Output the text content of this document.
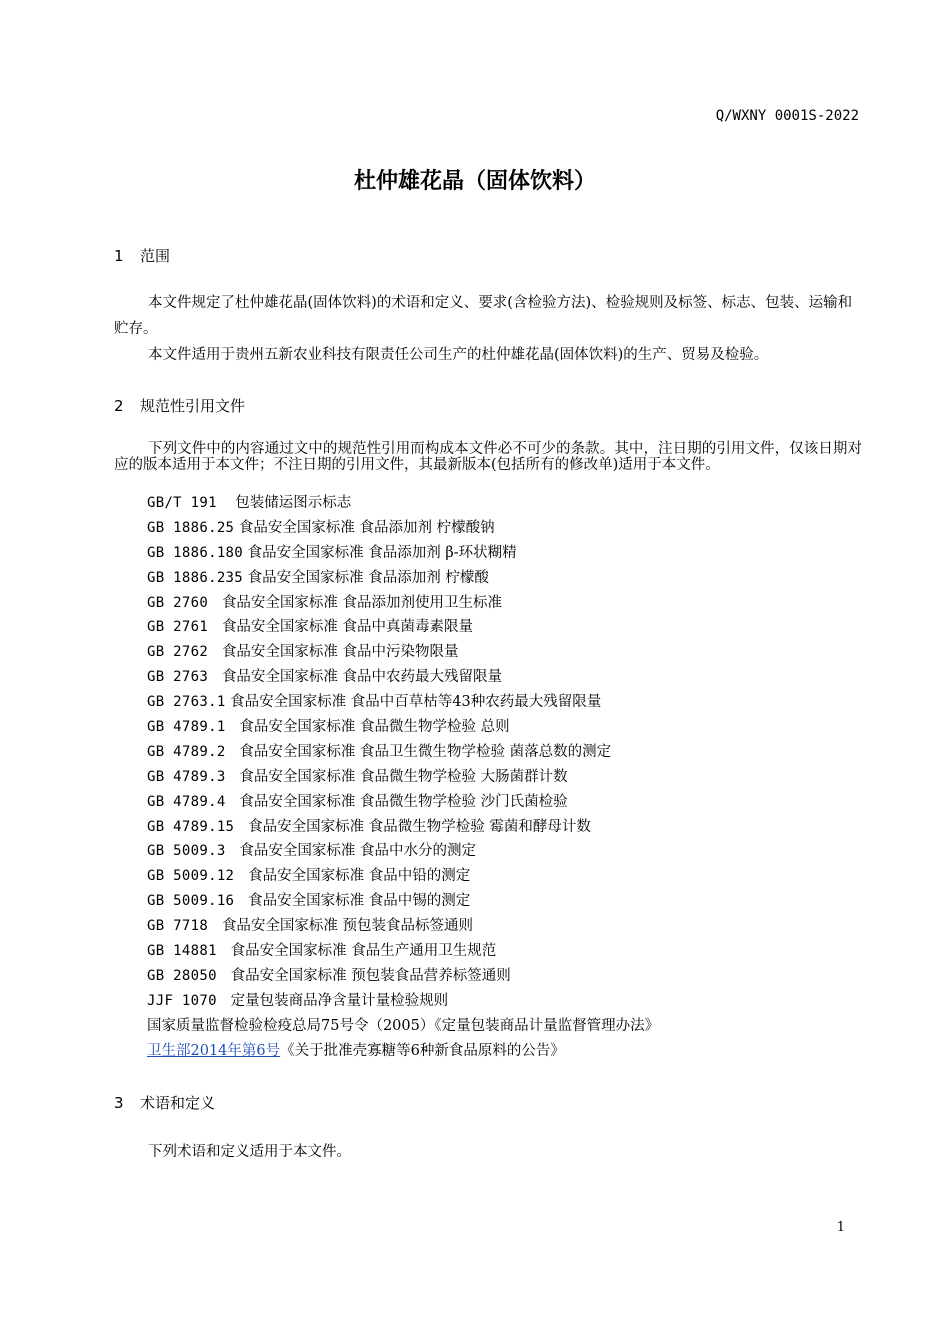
Q/WXNY 0001S-2022
杜仲雄花晶（固体饮料）
1 范围
本文件规定了杜仲雄花晶(固体饮料)的术语和定义、要求(含检验方法)、检验规则及标签、标志、包装、运输和贮存。
本文件适用于贵州五新农业科技有限责任公司生产的杜仲雄花晶(固体饮料)的生产、贸易及检验。
2 规范性引用文件
下列文件中的内容通过文中的规范性引用而构成本文件必不可少的条款。其中，注日期的引用文件，仅该日期对应的版本适用于本文件；不注日期的引用文件，其最新版本(包括所有的修改单)适用于本文件。
GB/T 191 包装储运图示标志
GB 1886.25 食品安全国家标准 食品添加剂 柠檬酸钠
GB 1886.180 食品安全国家标准 食品添加剂 β-环状糊精
GB 1886.235 食品安全国家标准 食品添加剂 柠檬酸
GB 2760 食品安全国家标准 食品添加剂使用卫生标准
GB 2761 食品安全国家标准 食品中真菌毒素限量
GB 2762 食品安全国家标准 食品中污染物限量
GB 2763 食品安全国家标准 食品中农药最大残留限量
GB 2763.1 食品安全国家标准 食品中百草枯等43种农药最大残留限量
GB 4789.1 食品安全国家标准 食品微生物学检验 总则
GB 4789.2 食品安全国家标准 食品卫生微生物学检验 菌落总数的测定
GB 4789.3 食品安全国家标准 食品微生物学检验 大肠菌群计数
GB 4789.4 食品安全国家标准 食品微生物学检验 沙门氏菌检验
GB 4789.15 食品安全国家标准 食品微生物学检验 霉菌和酵母计数
GB 5009.3 食品安全国家标准 食品中水分的测定
GB 5009.12 食品安全国家标准 食品中铅的测定
GB 5009.16 食品安全国家标准 食品中锡的测定
GB 7718 食品安全国家标准 预包装食品标签通则
GB 14881 食品安全国家标准 食品生产通用卫生规范
GB 28050 食品安全国家标准 预包装食品营养标签通则
JJF 1070 定量包装商品净含量计量检验规则
国家质量监督检验检疫总局75号令（2005）《定量包装商品计量监督管理办法》
卫生部2014年第6号《关于批准壳寡糖等6种新食品原料的公告》
3 术语和定义
下列术语和定义适用于本文件。
1
